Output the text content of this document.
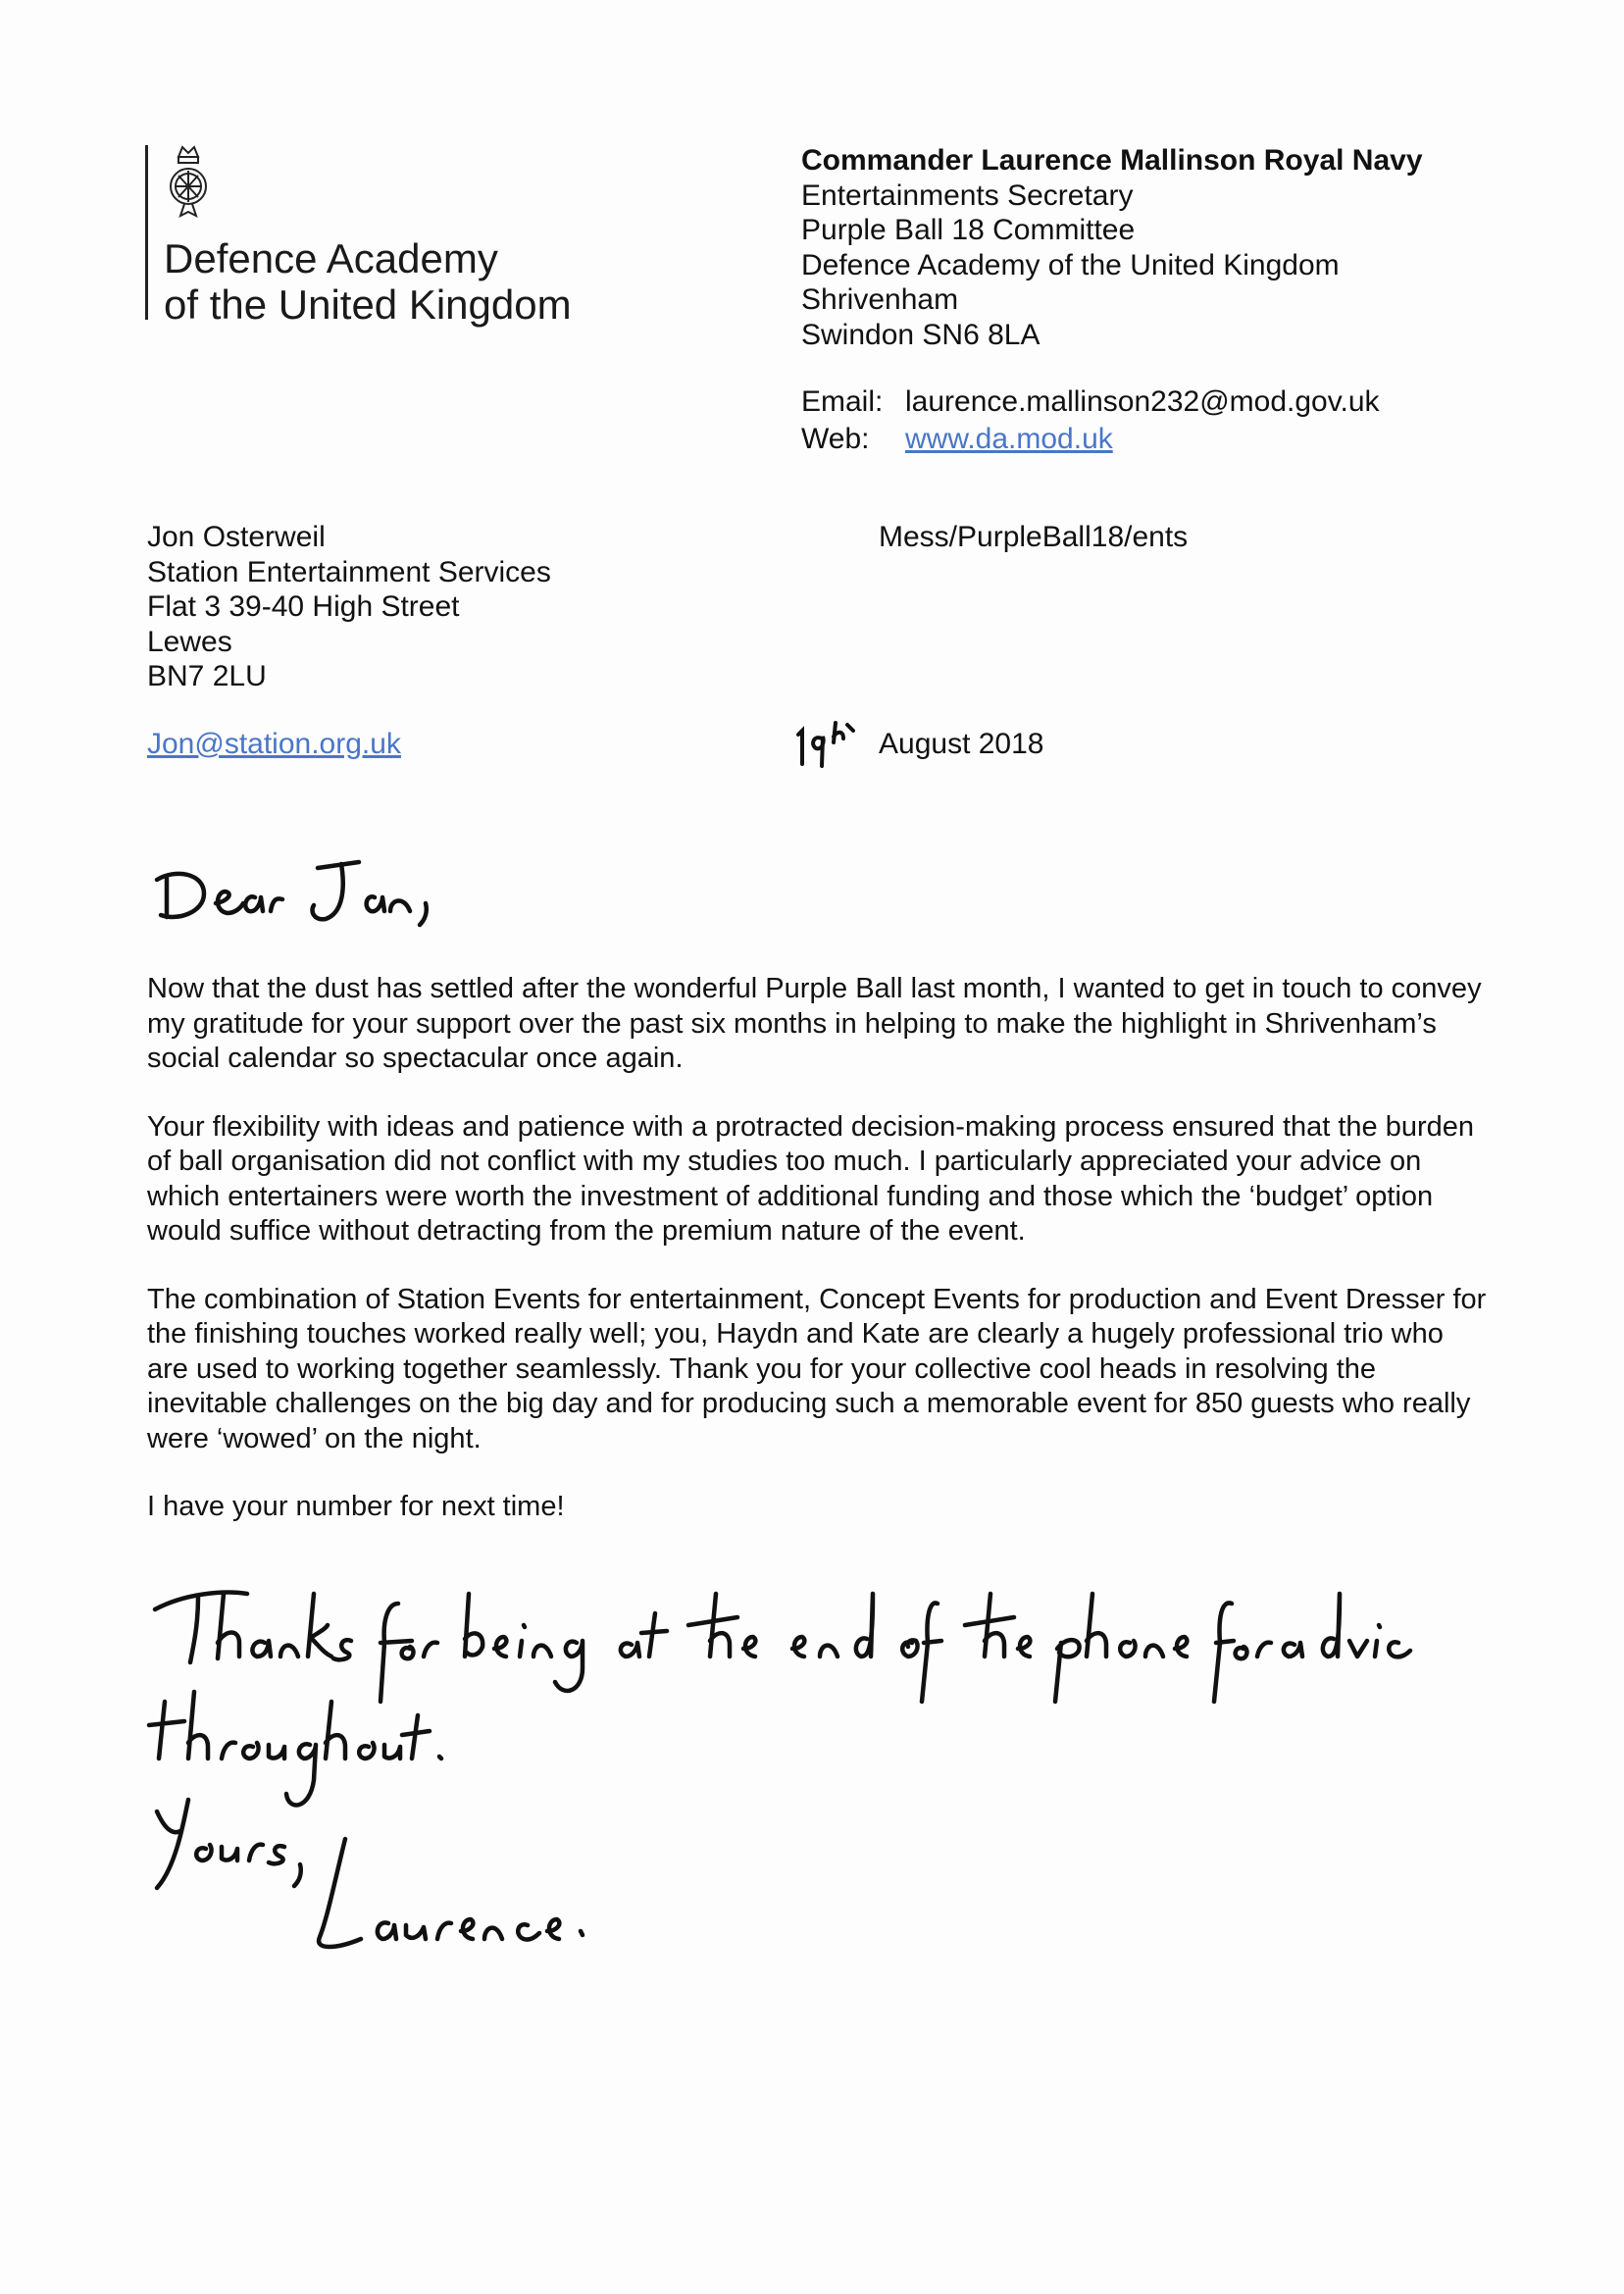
Defence Academy
of the United Kingdom
Commander Laurence Mallinson Royal Navy
Entertainments Secretary
Purple Ball 18 Committee
Defence Academy of the United Kingdom
Shrivenham
Swindon SN6 8LA
Email: laurence.mallinson232@mod.gov.uk
Web: www.da.mod.uk
Jon Osterweil
Station Entertainment Services
Flat 3 39-40 High Street
Lewes
BN7 2LU
Mess/PurpleBall18/ents
Jon@station.org.uk	August 2018

Now that the dust has settled after the wonderful Purple Ball last month, I wanted to get in touch to convey my gratitude for your support over the past six months in helping to make the highlight in Shrivenham’s social calendar so spectacular once again.

Your flexibility with ideas and patience with a protracted decision-making process ensured that the burden of ball organisation did not conflict with my studies too much. I particularly appreciated your advice on which entertainers were worth the investment of additional funding and those which the ‘budget’ option would suffice without detracting from the premium nature of the event.

The combination of Station Events for entertainment, Concept Events for production and Event Dresser for the finishing touches worked really well; you, Haydn and Kate are clearly a hugely professional trio who are used to working together seamlessly. Thank you for your collective cool heads in resolving the inevitable challenges on the big day and for producing such a memorable event for 850 guests who really were ‘wowed’ on the night.

I have your number for next time!
